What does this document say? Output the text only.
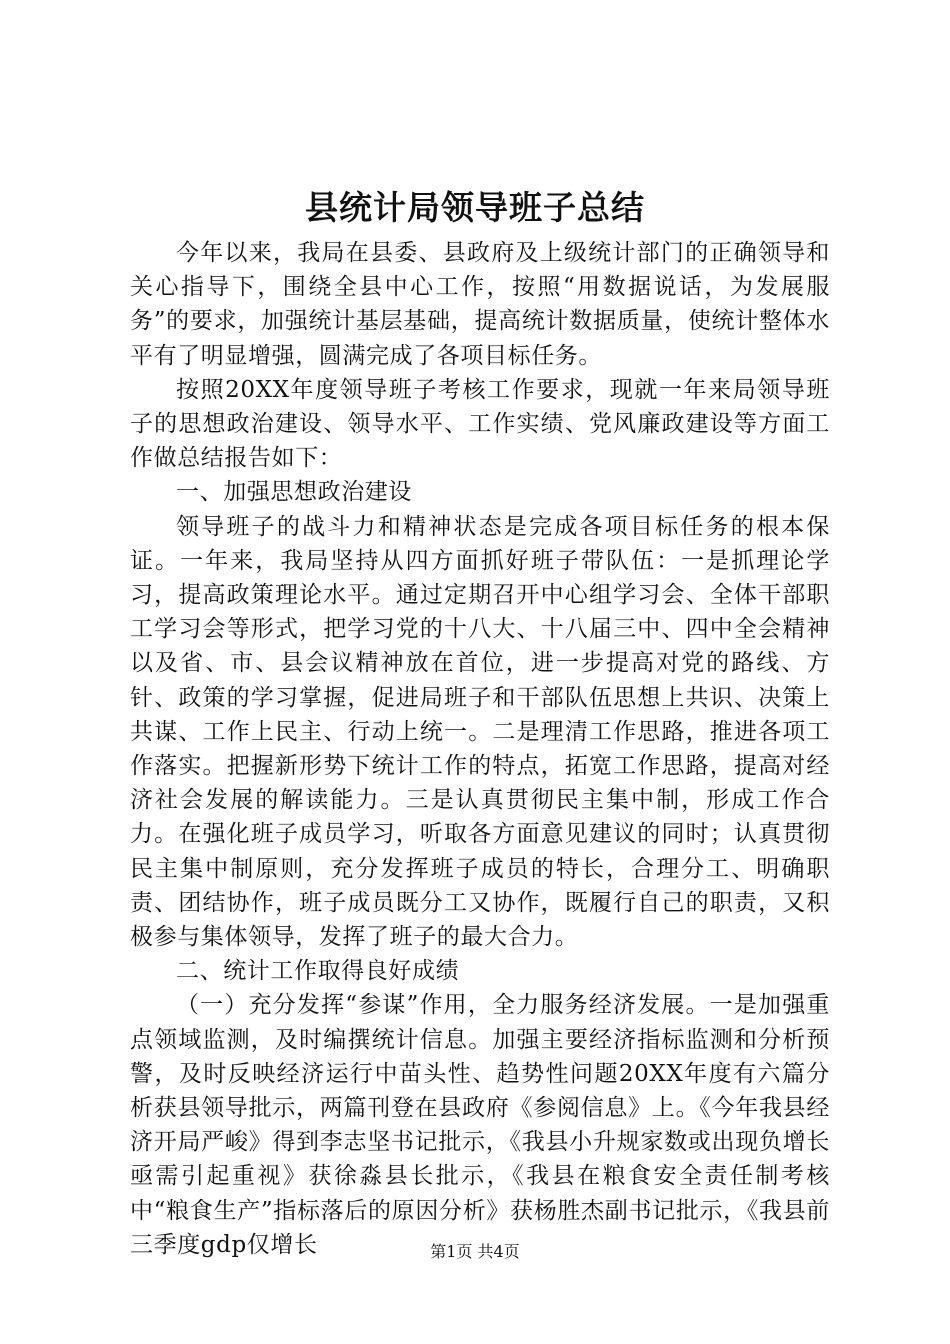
县统计局领导班子总结

今年以来，我局在县委、县政府及上级统计部门的正确领导和关心指导下，围绕全县中心工作，按照“用数据说话，为发展服务”的要求，加强统计基层基础，提高统计数据质量，使统计整体水平有了明显增强，圆满完成了各项目标任务。

按照20XX年度领导班子考核工作要求，现就一年来局领导班子的思想政治建设、领导水平、工作实绩、党风廉政建设等方面工作做总结报告如下：

一、加强思想政治建设

领导班子的战斗力和精神状态是完成各项目标任务的根本保证。一年来，我局坚持从四方面抓好班子带队伍：一是抓理论学习，提高政策理论水平。通过定期召开中心组学习会、全体干部职工学习会等形式，把学习党的十八大、十八届三中、四中全会精神以及省、市、县会议精神放在首位，进一步提高对党的路线、方针、政策的学习掌握，促进局班子和干部队伍思想上共识、决策上共谋、工作上民主、行动上统一。二是理清工作思路，推进各项工作落实。把握新形势下统计工作的特点，拓宽工作思路，提高对经济社会发展的解读能力。三是认真贯彻民主集中制，形成工作合力。在强化班子成员学习，听取各方面意见建议的同时；认真贯彻民主集中制原则，充分发挥班子成员的特长，合理分工、明确职责、团结协作，班子成员既分工又协作，既履行自己的职责，又积极参与集体领导，发挥了班子的最大合力。

二、统计工作取得良好成绩

（一）充分发挥“参谋”作用，全力服务经济发展。一是加强重点领域监测，及时编撰统计信息。加强主要经济指标监测和分析预警，及时反映经济运行中苗头性、趋势性问题20XX年度有六篇分析获县领导批示，两篇刊登在县政府《参阅信息》上。《今年我县经济开局严峻》得到李志坚书记批示，《我县小升规家数或出现负增长亟需引起重视》获徐淼县长批示，《我县在粮食安全责任制考核中“粮食生产”指标落后的原因分析》获杨胜杰副书记批示，《我县前三季度gdp仅增长	第1页 共4页
